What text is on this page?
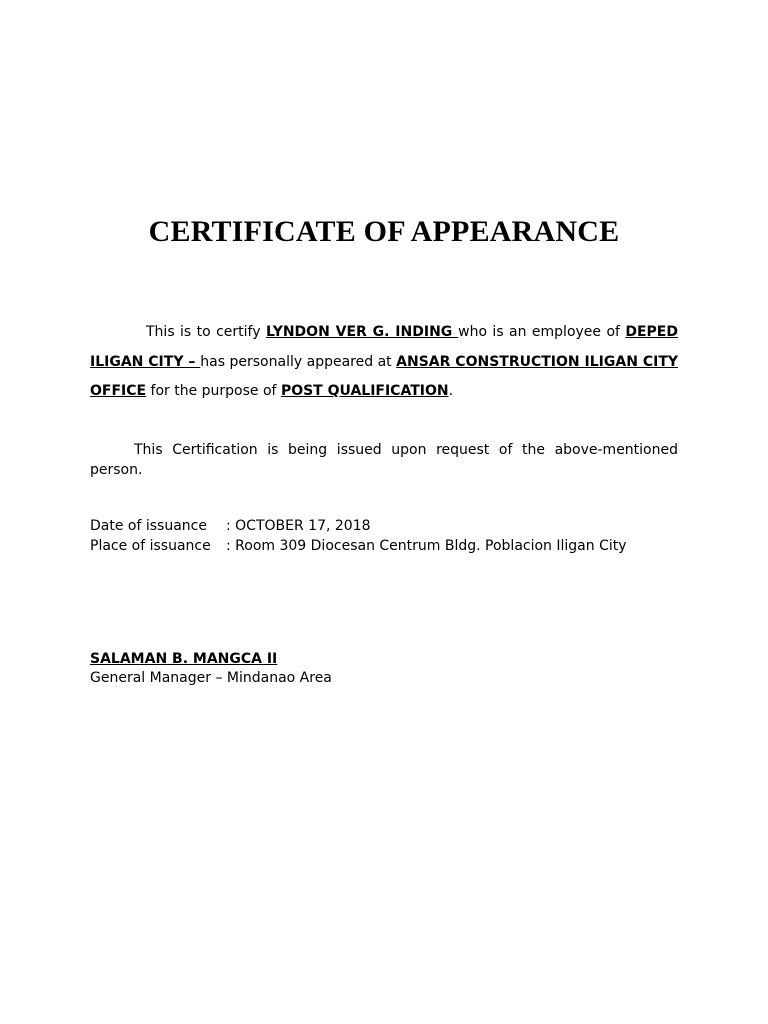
CERTIFICATE OF APPEARANCE
This is to certify LYNDON VER G. INDING who is an employee of DEPED ILIGAN CITY – has personally appeared at ANSAR CONSTRUCTION ILIGAN CITY OFFICE for the purpose of POST QUALIFICATION.
This Certification is being issued upon request of the above-mentioned person.
Date of issuance	: OCTOBER 17, 2018
Place of issuance	: Room 309 Diocesan Centrum Bldg. Poblacion Iligan City
SALAMAN B. MANGCA II
General Manager – Mindanao Area
